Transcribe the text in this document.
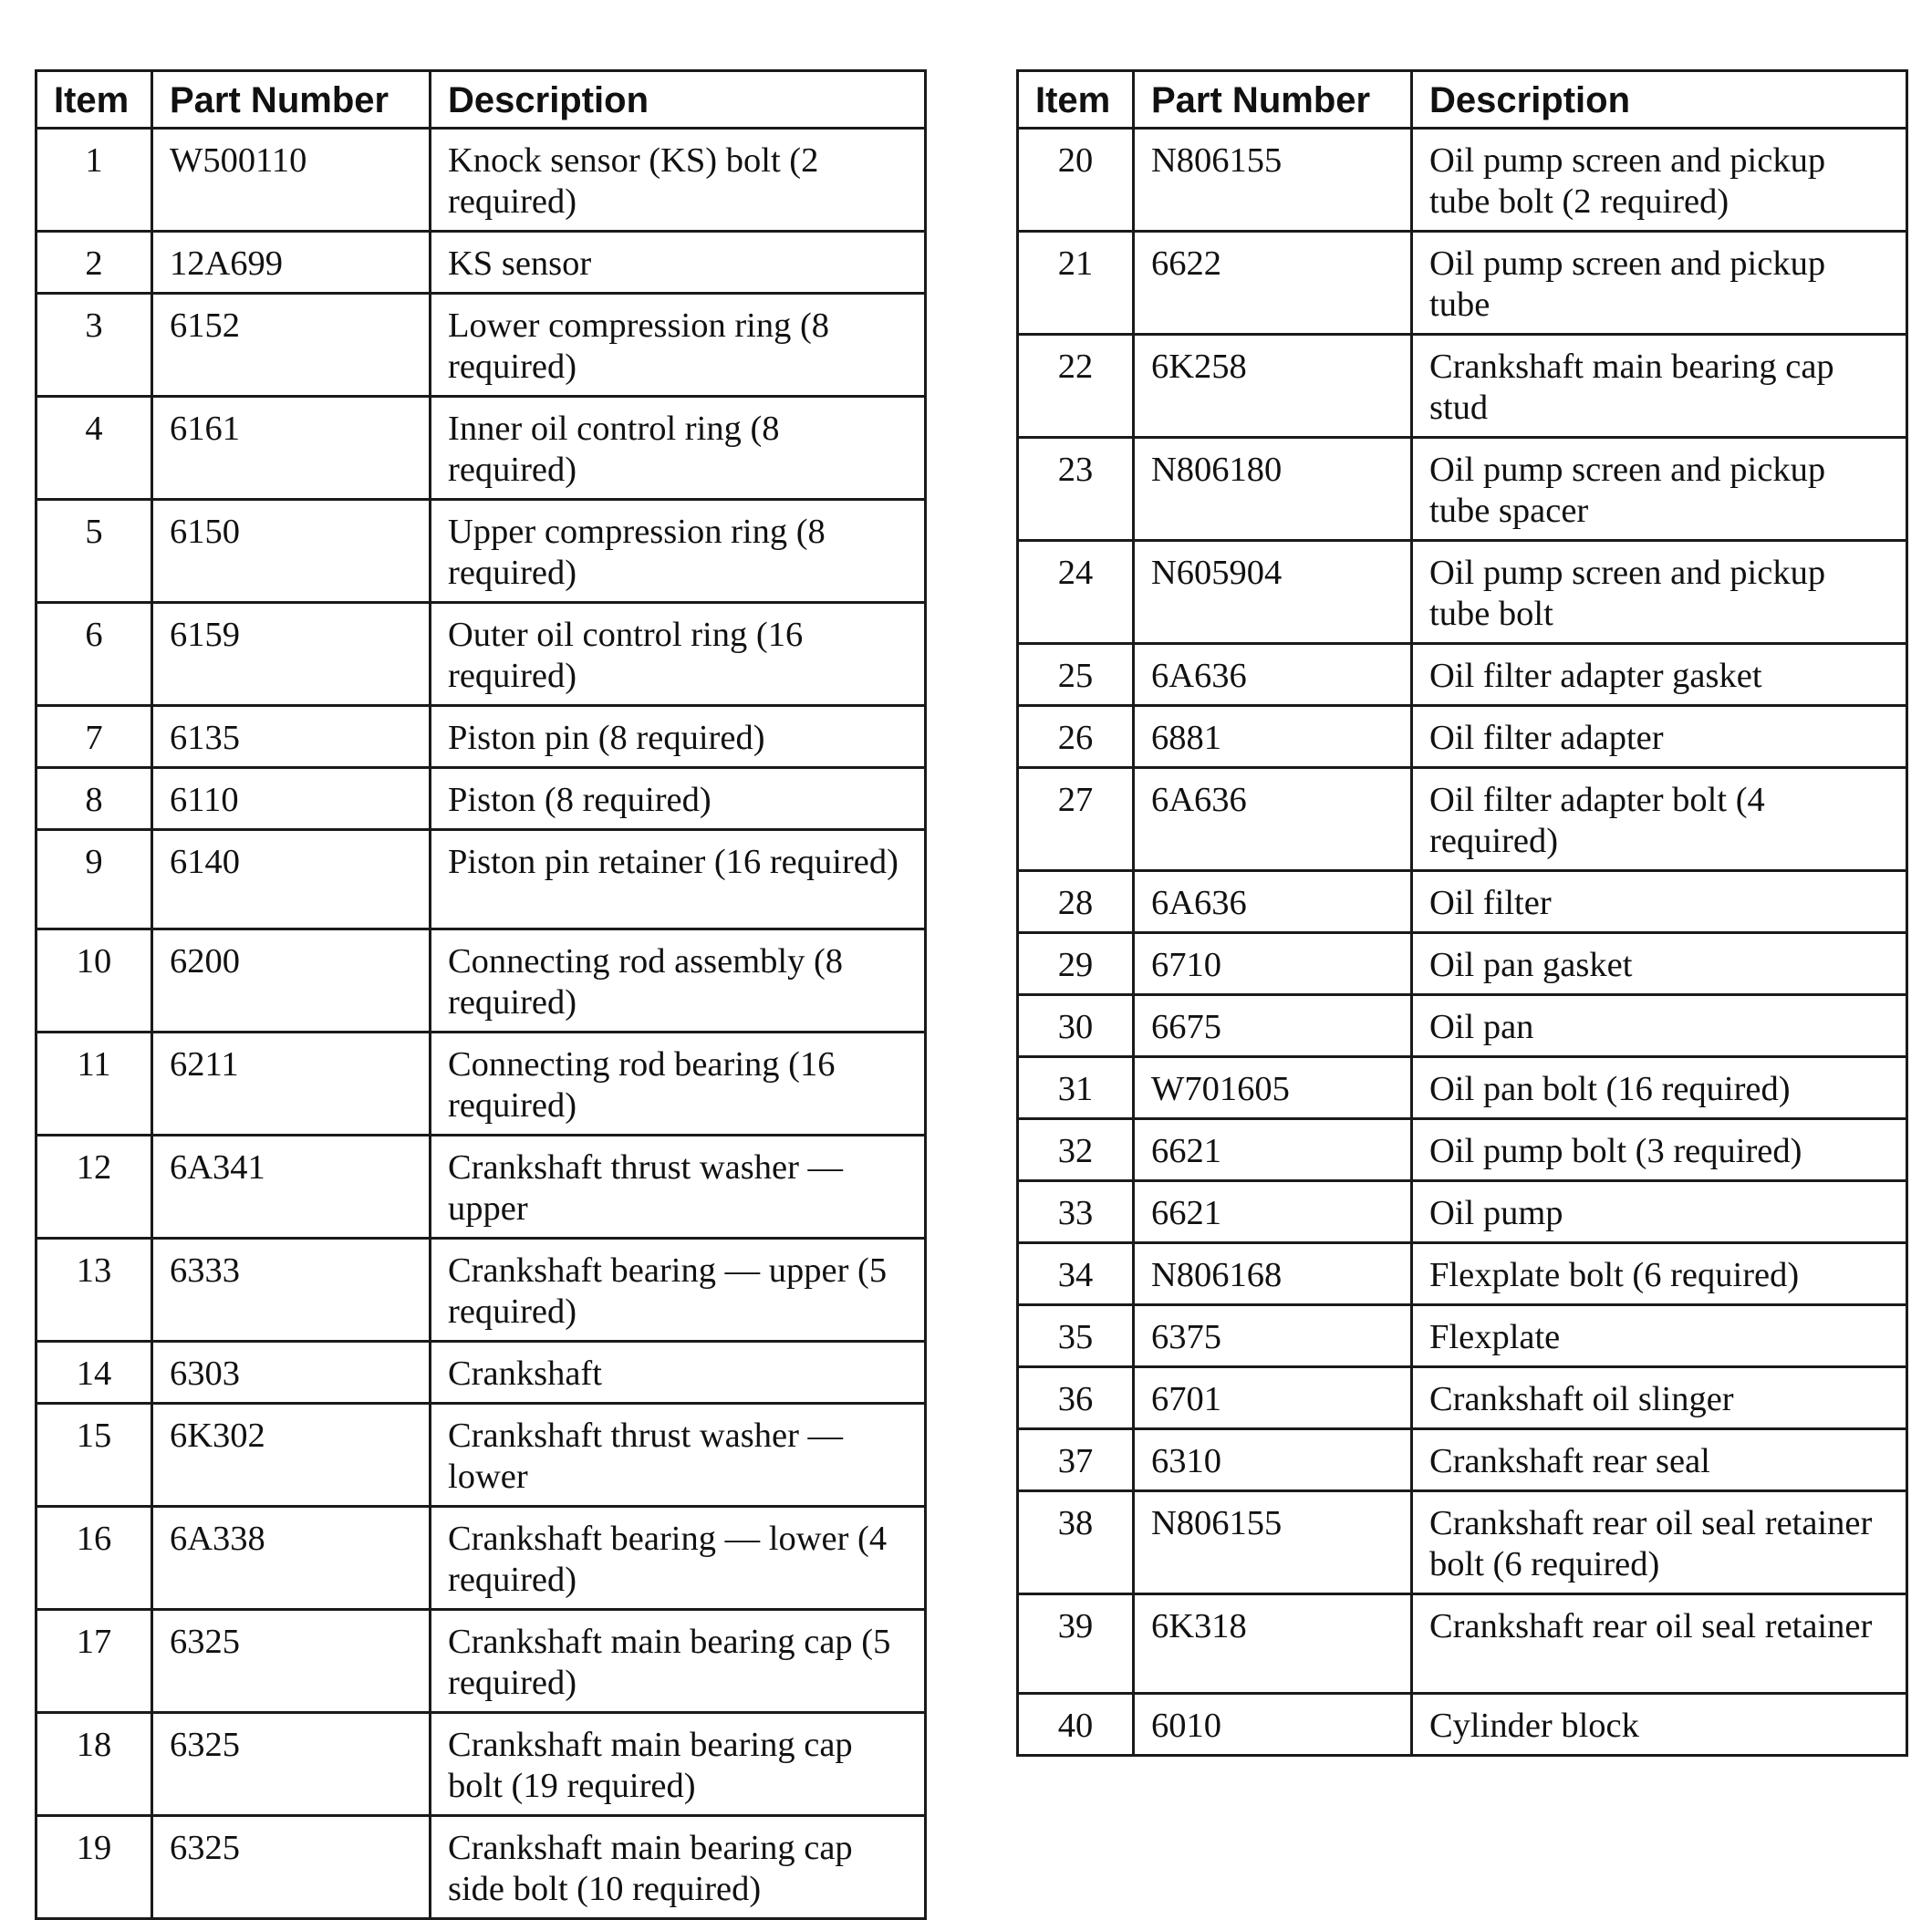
Item	Part Number	Description
1	W500110	Knock sensor (KS) bolt (2 required)
2	12A699	KS sensor
3	6152	Lower compression ring (8 required)
4	6161	Inner oil control ring (8 required)
5	6150	Upper compression ring (8 required)
6	6159	Outer oil control ring (16 required)
7	6135	Piston pin (8 required)
8	6110	Piston (8 required)
9	6140	Piston pin retainer (16 required)
10	6200	Connecting rod assembly (8 required)
11	6211	Connecting rod bearing (16 required)
12	6A341	Crankshaft thrust washer — upper
13	6333	Crankshaft bearing — upper (5 required)
14	6303	Crankshaft
15	6K302	Crankshaft thrust washer — lower
16	6A338	Crankshaft bearing — lower (4 required)
17	6325	Crankshaft main bearing cap (5 required)
18	6325	Crankshaft main bearing cap bolt (19 required)
19	6325	Crankshaft main bearing cap side bolt (10 required)
Item	Part Number	Description
20	N806155	Oil pump screen and pickup tube bolt (2 required)
21	6622	Oil pump screen and pickup tube
22	6K258	Crankshaft main bearing cap stud
23	N806180	Oil pump screen and pickup tube spacer
24	N605904	Oil pump screen and pickup tube bolt
25	6A636	Oil filter adapter gasket
26	6881	Oil filter adapter
27	6A636	Oil filter adapter bolt (4 required)
28	6A636	Oil filter
29	6710	Oil pan gasket
30	6675	Oil pan
31	W701605	Oil pan bolt (16 required)
32	6621	Oil pump bolt (3 required)
33	6621	Oil pump
34	N806168	Flexplate bolt (6 required)
35	6375	Flexplate
36	6701	Crankshaft oil slinger
37	6310	Crankshaft rear seal
38	N806155	Crankshaft rear oil seal retainer bolt (6 required)
39	6K318	Crankshaft rear oil seal retainer
40	6010	Cylinder block
